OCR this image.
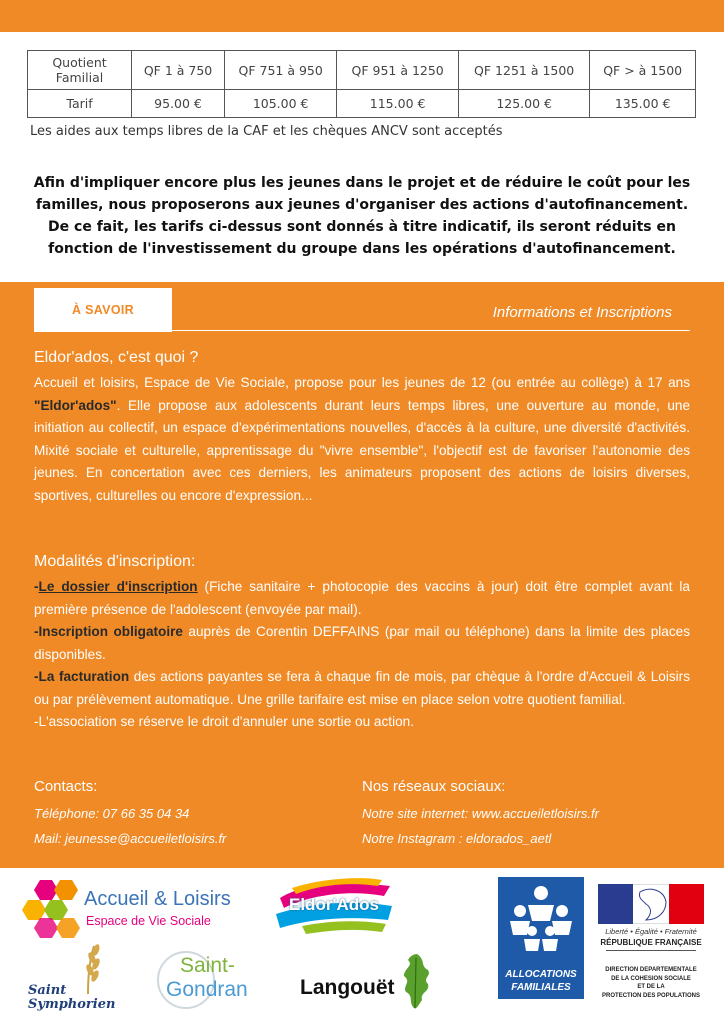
Quotient Familial	QF 1 à 750	QF 751 à 950	QF 951 à 1250	QF 1251 à 1500	QF > à 1500
Tarif	95.00 €	105.00 €	115.00 €	125.00 €	135.00 €
Les aides aux temps libres de la CAF et les chèques ANCV sont acceptés
Afin d'impliquer encore plus les jeunes dans le projet et de réduire le coût pour les
familles, nous proposerons aux jeunes d'organiser des actions d'autofinancement.
De ce fait, les tarifs ci-dessus sont donnés à titre indicatif, ils seront réduits en
fonction de l'investissement du groupe dans les opérations d'autofinancement.
À SAVOIR	Informations et Inscriptions
Eldor'ados, c'est quoi ?

Accueil et loisirs, Espace de Vie Sociale, propose pour les jeunes de 12 (ou entrée au collège) à 17 ans "Eldor'ados". Elle propose aux adolescents durant leurs temps libres, une ouverture au monde, une initiation au collectif, un espace d'expérimentations nouvelles, d'accès à la culture, une diversité d'activités. Mixité sociale et culturelle, apprentissage du "vivre ensemble", l'objectif est de favoriser l'autonomie des jeunes. En concertation avec ces derniers, les animateurs proposent des actions de loisirs diverses, sportives, culturelles ou encore d'expression...

Modalités d'inscription:

-Le dossier d'inscription (Fiche sanitaire + photocopie des vaccins à jour) doit être complet avant la première présence de l'adolescent (envoyée par mail).

-Inscription obligatoire auprès de Corentin DEFFAINS (par mail ou téléphone) dans la limite des places disponibles.

-La facturation des actions payantes se fera à chaque fin de mois, par chèque à l'ordre d'Accueil & Loisirs ou par prélèvement automatique. Une grille tarifaire est mise en place selon votre quotient familial.

-L'association se réserve le droit d'annuler une sortie ou action.

Contacts:
Téléphone: 07 66 35 04 34
Mail: jeunesse@accueiletloisirs.fr
Nos réseaux sociaux:
Notre site internet: www.accueiletloisirs.fr
Notre Instagram : eldorados_aetl
Accueil & Loisirs
Espace de Vie Sociale
Eldor'Ados
ALLOCATIONS
FAMILIALES
Liberté • Égalité • Fraternité
RÉPUBLIQUE FRANÇAISE
DIRECTION DEPARTEMENTALE
DE LA COHESION SOCIALE
ET DE LA
PROTECTION DES POPULATIONS
Saint Symphorien
Saint-
Gondran Langouët
